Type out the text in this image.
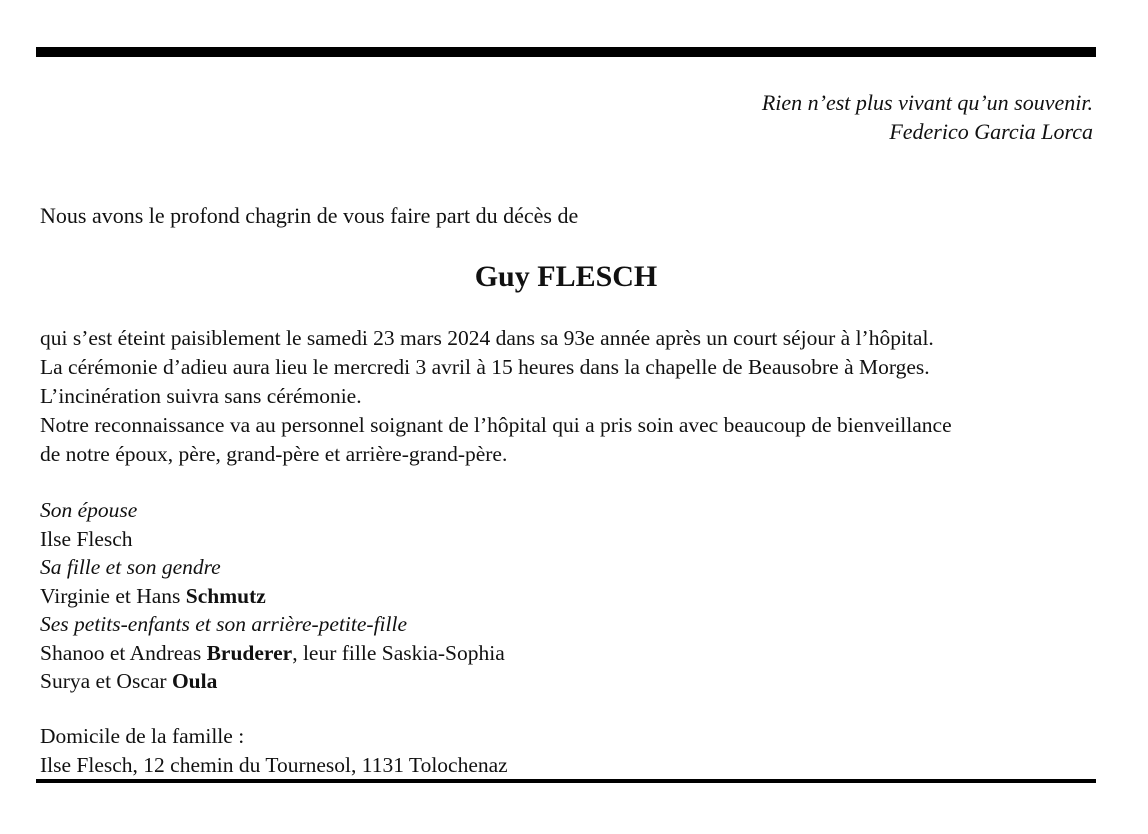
Rien n’est plus vivant qu’un souvenir.
Federico Garcia Lorca
Nous avons le profond chagrin de vous faire part du décès de
Guy FLESCH

qui s’est éteint paisiblement le samedi 23 mars 2024 dans sa 93e année après un court séjour à l’hôpital.

La cérémonie d’adieu aura lieu le mercredi 3 avril à 15 heures dans la chapelle de Beausobre à Morges.

L’incinération suivra sans cérémonie.

Notre reconnaissance va au personnel soignant de l’hôpital qui a pris soin avec beaucoup de bienveillance

de notre époux, père, grand-père et arrière-grand-père.

Son épouse

Ilse Flesch

Sa fille et son gendre

Virginie et Hans Schmutz

Ses petits-enfants et son arrière-petite-fille

Shanoo et Andreas Bruderer, leur fille Saskia-Sophia

Surya et Oscar Oula

Domicile de la famille :

Ilse Flesch, 12 chemin du Tournesol, 1131 Tolochenaz
